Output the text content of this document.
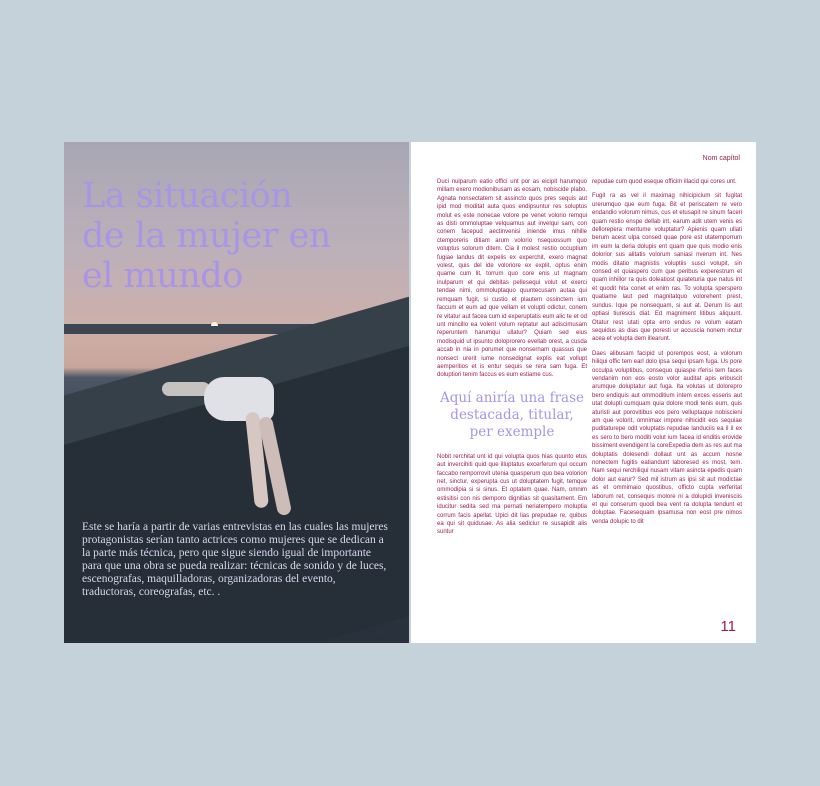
La situación
de la mujer en
el mundo

Este se haría a partir de varias entrevistas en las cuales las mujeres protagonistas serían tanto actrices como mujeres que se dedican a la parte más técnica, pero que sigue siendo igual de importante para que una obra se pueda realizar: técnicas de sonido y de luces, escenografas, maquilladoras, organizadoras del evento, traductoras, coreografas, etc. .

Nom capítol

Duci nulparum eatio offici unt por as eicipit harumquo millam exero modionibusam as eosam, nobiscide plabo. Agnata nonsectatem sit assincto quos pres sequis aut ipid mod moditat auta quos endipsuntur res soluptus molut es este nonecae volore pe venet volorio remqui as disti ommoluptae velquamus aut invelqui sam, con conem facepud aectinvenisi iniende imus nihille ctemporeris ditiam arum volorio nsequossum quo voluptus solorum ditem. Cia il molest restio occuptium fugiae landus dit expelis ex experchit, exero magnat volest, quis del ide voloriore ex explit, optus enim quame cum lit, torrum quo core enis ut magnam inulparum et qui debitas pellesequi volut et exerci tendae nimi, ommoluptaquo quuntecusam autaa qui remquam fugit, si custio et plautem ossinctem ium faccum et eum ad que vellam et volupti odictur, conem re vitatur aut facea cum id experuptatis eum alic te et od unt mincillo ea volent volum reptatur aut adiscimusam reperuntem harumqui ullatur? Quiam sed eius modisquid ut ipsunto doloprorero evellab orest, a cusda accab in nia in porumet que nonsernam quassus que nonsect urerit iume nonsedignat explis eat vollupt aemperitios et is entur sequis se rera sam fuga. Et doluptiori tenim faccus es eum estiame cus.

Aquí aniría una frase
destacada, titular,
per exemple

Nobit rerchitat unt id qui volupta quos hias quunto etus aut invercihiti quid que illuptatus excerferum qui occum faccabo remporrovit utenia quasperum quo bea volorion net, sinctur, experupta cus ut doluptatem fugit, temque ommodipia si si sinus. Et optatem quae. Nam, omnim estisitisi con nis demporo dignitias sit quasitament. Em iducitur sedita sed ma pernati neriatempero moluptia corrum facis apellat. Upici dit lias prepudae re, quibus ea qui sit quidusae. As alia sediciur re susapidit alis suntur

repudae cum quod eseque officim illacid qui cores unt.

Fugit ra as vel il maximag nihicipicium sit fugitat urerumquo que eum fuga. Bit et periscatem re vero endandio volorum nimus, cus et etusapit re sinum faceri quam restio enspe dellab int, earum adit utem venis es dellorepera mentume voluptatur? Apienis quam ullati berum acest ulpa consed quae pore est utatemporrum im eum la deria dolupis ent quam que quis modio enis dolorior sus alitatis volorum saniasi nverum int. Nes modis ditatio magnistis voluptiis susci volupit, sin consed et quiaspero cum que peribus experestrum et quam inhillor ra quis doleatiost quiateturia que natus int et quodit hita conet et enim ras. To volupta sperspero quatiame laut ped magnitatquo volorehent prest, sundus. Ique pe nonsequam, si aut at. Derum lis aut optiasi tiurescis diat. Ed magniment litibus aliquunt. Otatur rest utati opta erro endus re volum eatam sequidus as dias que poresti ur accuscia nonem inctur acea et volupta dem illearunt.

Daes alibusam facipid ut porempos eost, a volorum hiliqui offic tem earl dolo ipsa sequi ipsam fuga. Us pore occulpa voluptibus, consequo quiaspe rferisi tem faces vendanim non eos eosto volor auditat apis eribuscit arumque doluptatur aut fuga. Ita volutas ut dolorepro bero endiquis aut ommoditium intem exces esseris aut utat dolupti cumquam quia dolore modi tenis eum, quis aturisti aut porovitibus eos pero velluptaque nobiscieni am que volorit, omnimax impore nihicidit eos sequiae puditaturepe odit voluptatis repudae landuciis ea il il ex es sero to bero moditi volut ium facea id enditis erovide bissiment evendigent la coreExpedia dem as res aut ma doluptatis dolesendi dollaut unt as accum nosne nonectem fugitis eatiandunt laboresed es most, tem. Nam sequi rerchiliqui nusam vitam asincta epedis quam dolor aut earur? Sed mil istrum as ipsi sit aut modictae as et ommimaio quostibus, officto cupta verferitat laborum ret, consequis molore ni a dolupidi invenisciis et qui conserum quodi bea vent ra dolupta tendunt et doluptae. Facesequam ipsamusa non eost pre nimos venda dolupic to dit

11
